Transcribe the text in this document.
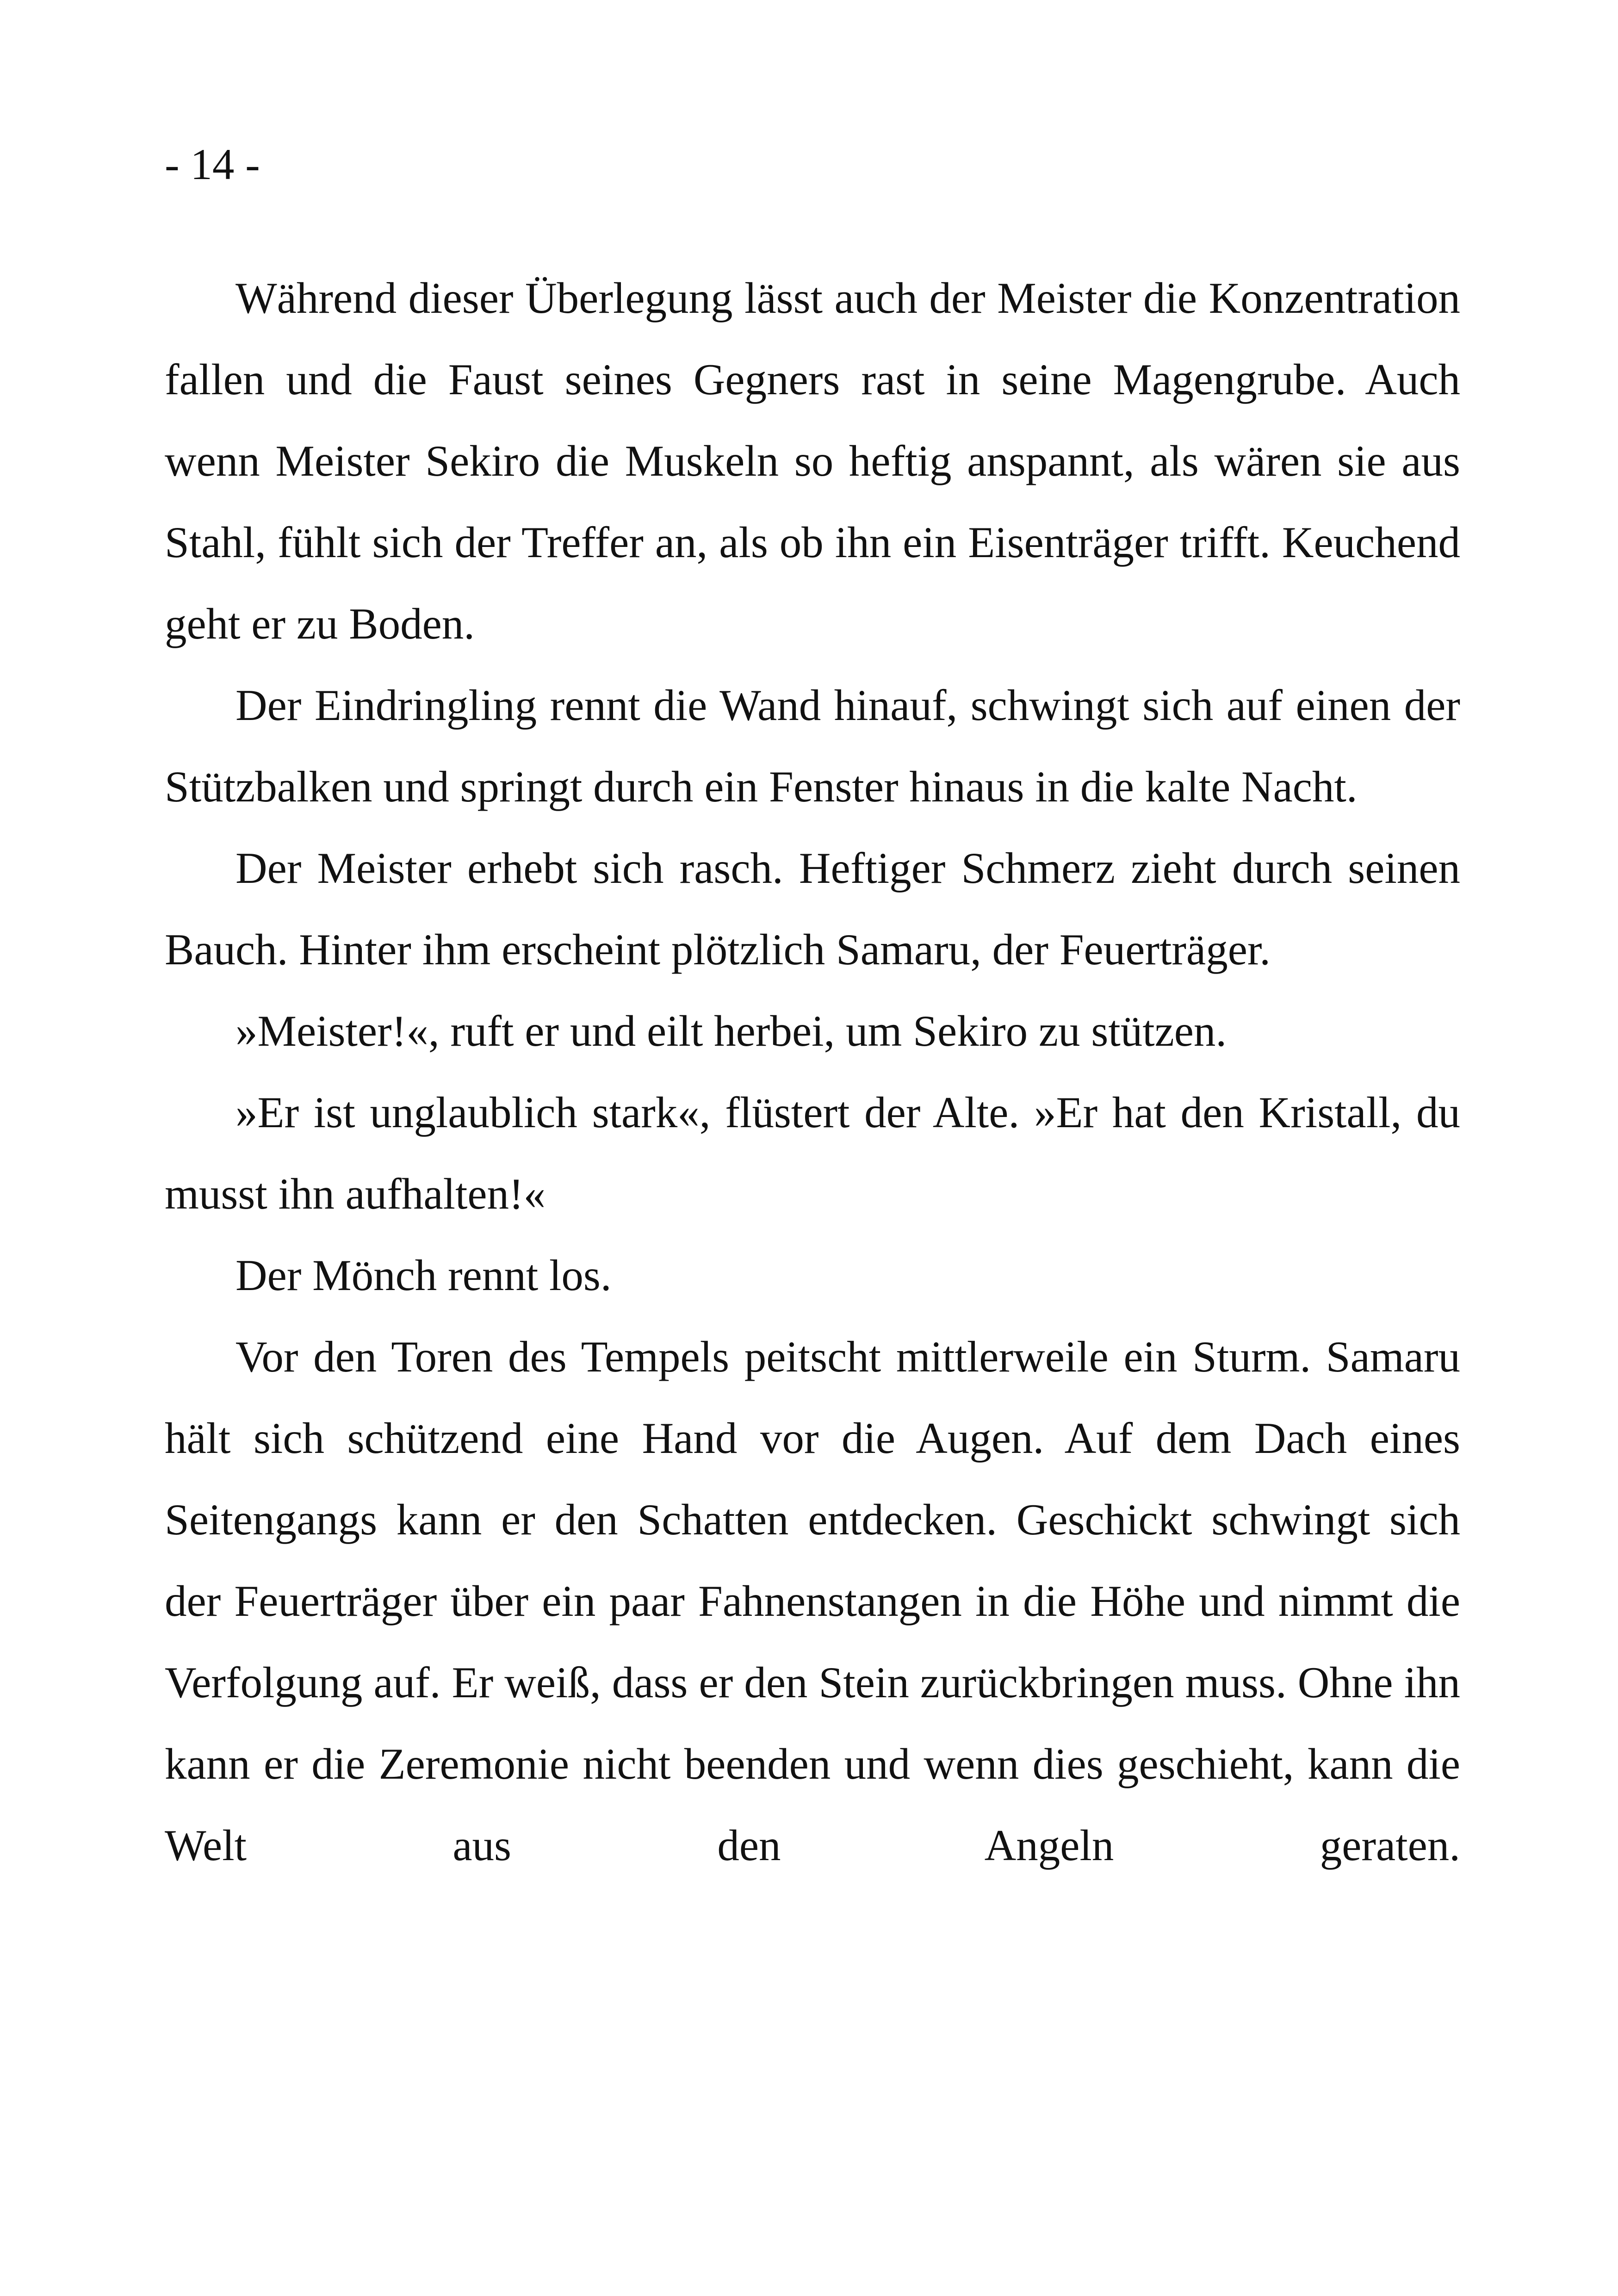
- 14 -

Während dieser Überlegung lässt auch der Meister die Konzentration fallen und die Faust seines Gegners rast in seine Magengrube. Auch wenn Meister Sekiro die Muskeln so heftig anspannt, als wären sie aus Stahl, fühlt sich der Treffer an, als ob ihn ein Eisenträger trifft. Keuchend geht er zu Boden.

Der Eindringling rennt die Wand hinauf, schwingt sich auf einen der Stützbalken und springt durch ein Fenster hinaus in die kalte Nacht.

Der Meister erhebt sich rasch. Heftiger Schmerz zieht durch seinen Bauch. Hinter ihm erscheint plötzlich Samaru, der Feuerträger.

»Meister!«, ruft er und eilt herbei, um Sekiro zu stützen.

»Er ist unglaublich stark«, flüstert der Alte. »Er hat den Kristall, du musst ihn aufhalten!«

Der Mönch rennt los.

Vor den Toren des Tempels peitscht mittlerweile ein Sturm. Samaru hält sich schützend eine Hand vor die Augen. Auf dem Dach eines Seitengangs kann er den Schatten entdecken. Geschickt schwingt sich der Feuerträger über ein paar Fahnenstangen in die Höhe und nimmt die Verfolgung auf. Er weiß, dass er den Stein zurückbringen muss. Ohne ihn kann er die Zeremonie nicht beenden und wenn dies geschieht, kann die Welt aus den Angeln geraten.
